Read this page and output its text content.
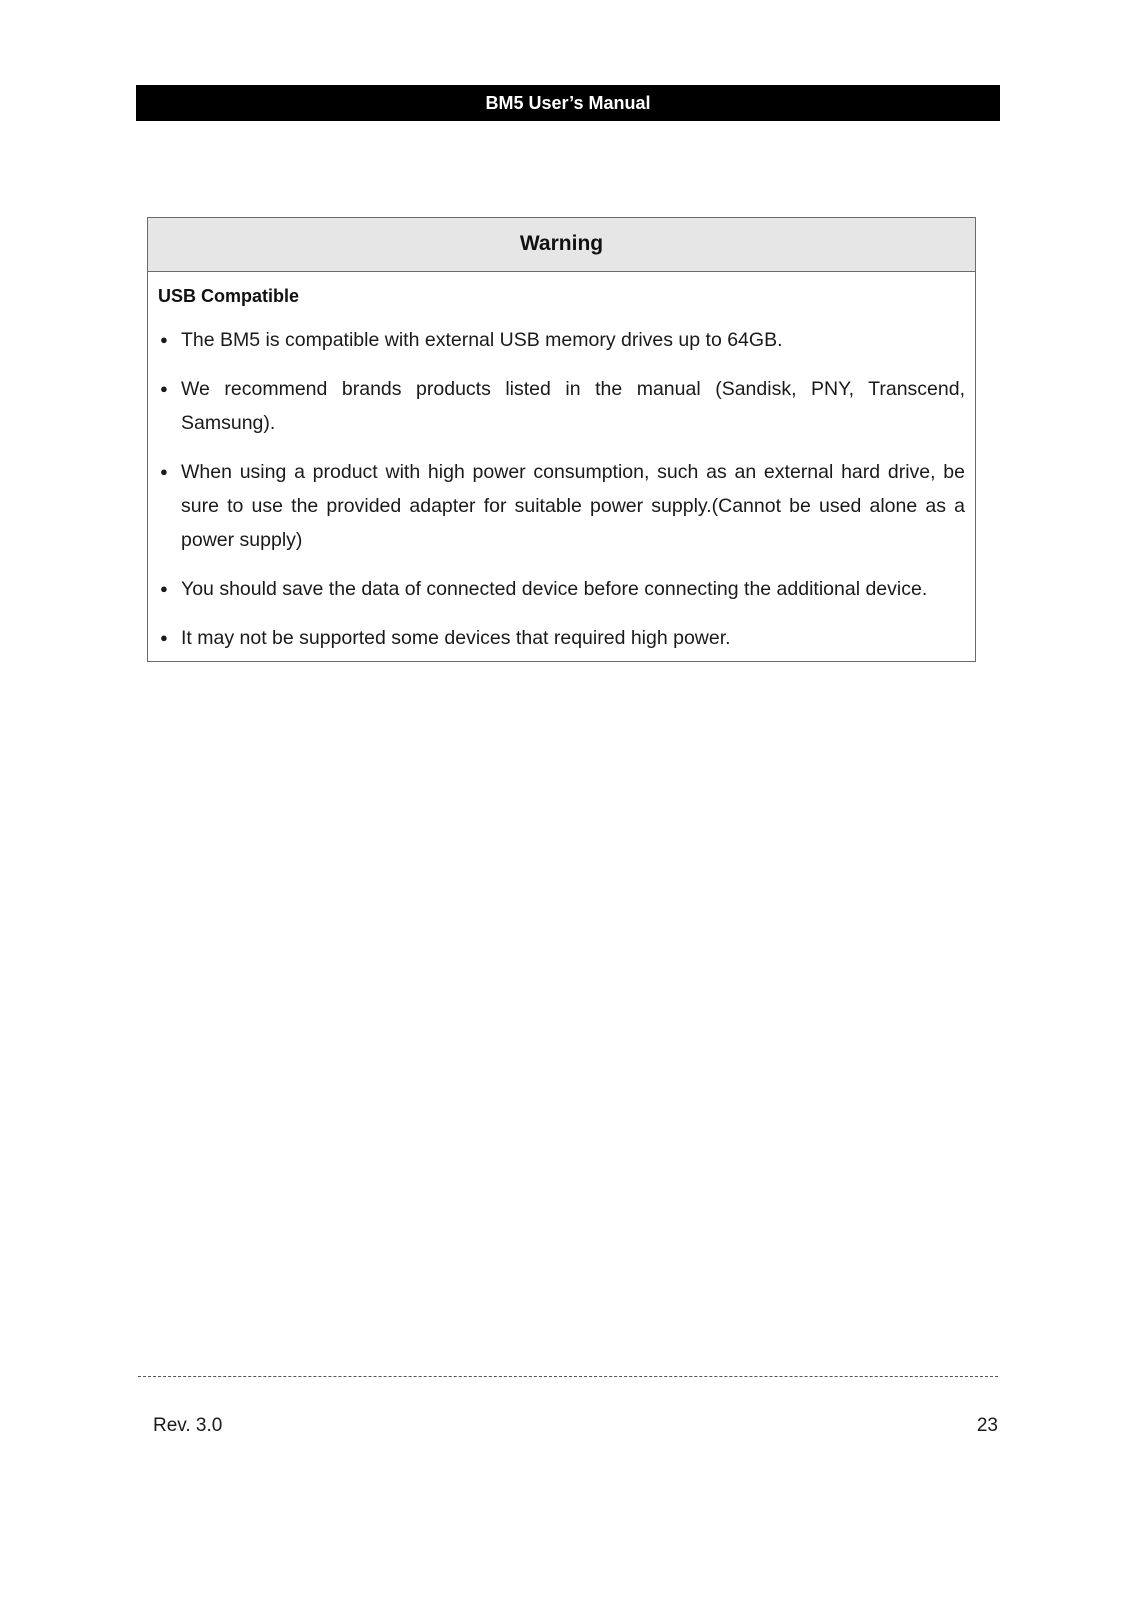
BM5 User’s Manual
Warning
USB Compatible
● The BM5 is compatible with external USB memory drives up to 64GB.
● We recommend brands products listed in the manual (Sandisk, PNY, Transcend, Samsung).
● When using a product with high power consumption, such as an external hard drive, be sure to use the provided adapter for suitable power supply.(Cannot be used alone as a power supply)
● You should save the data of connected device before connecting the additional device.
● It may not be supported some devices that required high power.
Rev. 3.0	23
